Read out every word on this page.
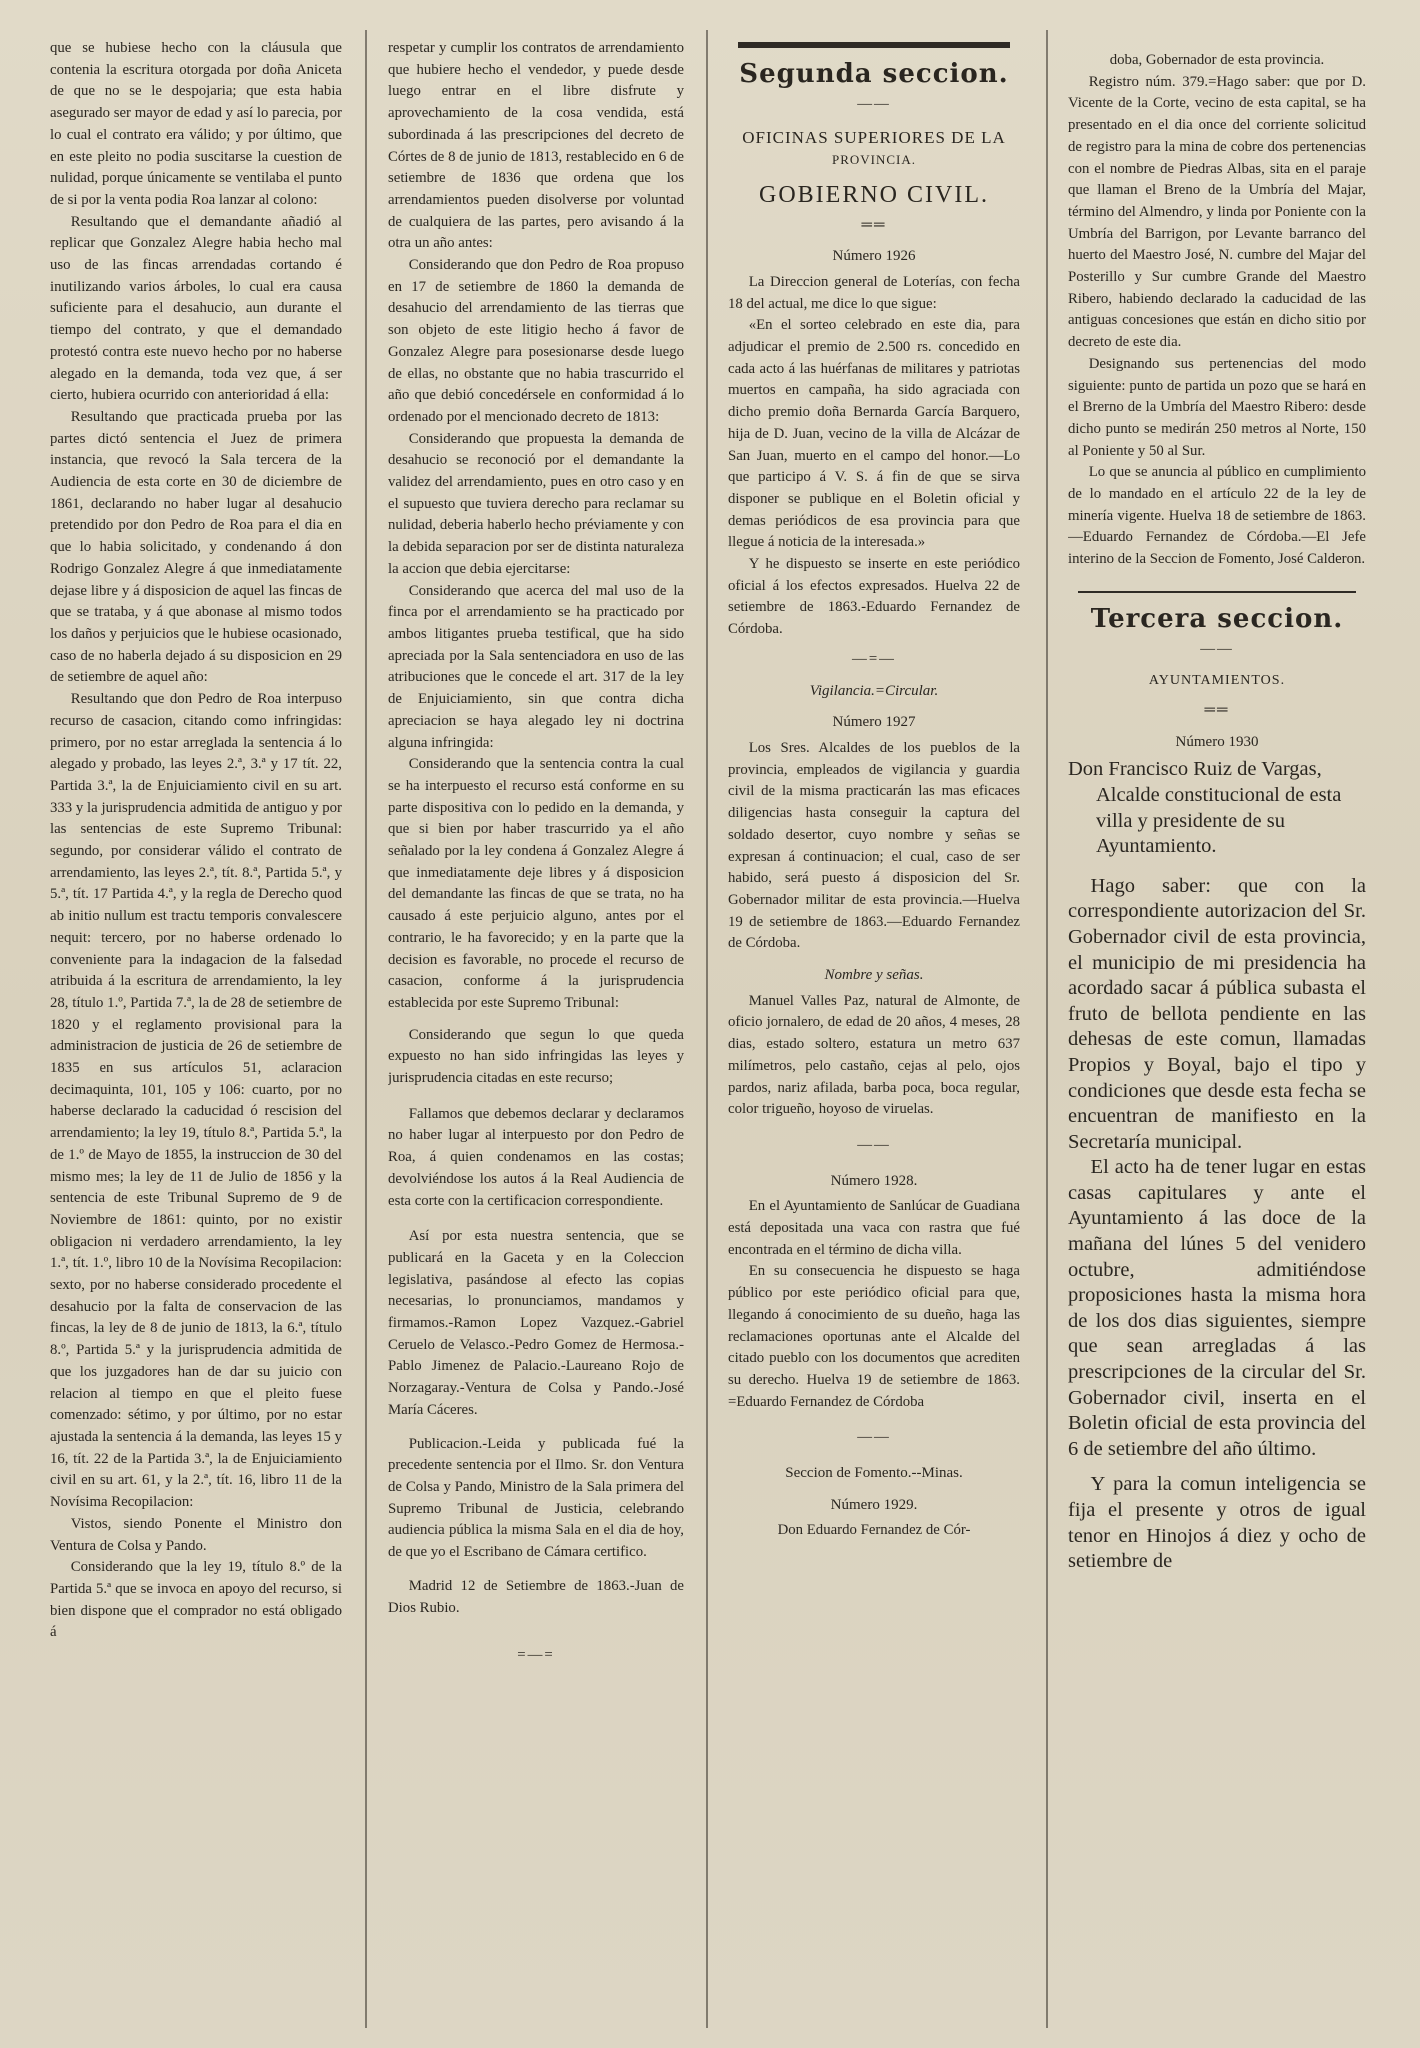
que se hubiese hecho con la cláusula que contenia la escritura otorgada por doña Aniceta de que no se le despojaria; que esta habia asegurado ser mayor de edad y así lo parecia, por lo cual el contrato era válido; y por último, que en este pleito no podia suscitarse la cuestion de nulidad, porque únicamente se ventilaba el punto de si por la venta podia Roa lanzar al colono:

Resultando que el demandante añadió al replicar que Gonzalez Alegre habia hecho mal uso de las fincas arrendadas cortando é inutilizando varios árboles, lo cual era causa suficiente para el desahucio, aun durante el tiempo del contrato, y que el demandado protestó contra este nuevo hecho por no haberse alegado en la demanda, toda vez que, á ser cierto, hubiera ocurrido con anterioridad á ella:

Resultando que practicada prueba por las partes dictó sentencia el Juez de primera instancia, que revocó la Sala tercera de la Audiencia de esta corte en 30 de diciembre de 1861, declarando no haber lugar al desahucio pretendido por don Pedro de Roa para el dia en que lo habia solicitado, y condenando á don Rodrigo Gonzalez Alegre á que inmediatamente dejase libre y á disposicion de aquel las fincas de que se trataba, y á que abonase al mismo todos los daños y perjuicios que le hubiese ocasionado, caso de no haberla dejado á su disposicion en 29 de setiembre de aquel año:

Resultando que don Pedro de Roa interpuso recurso de casacion, citando como infringidas: primero, por no estar arreglada la sentencia á lo alegado y probado, las leyes 2.ª, 3.ª y 17 tít. 22, Partida 3.ª, la de Enjuiciamiento civil en su art. 333 y la jurisprudencia admitida de antiguo y por las sentencias de este Supremo Tribunal: segundo, por considerar válido el contrato de arrendamiento, las leyes 2.ª, tít. 8.ª, Partida 5.ª, y 5.ª, tít. 17 Partida 4.ª, y la regla de Derecho quod ab initio nullum est tractu temporis convalescere nequit: tercero, por no haberse ordenado lo conveniente para la indagacion de la falsedad atribuida á la escritura de arrendamiento, la ley 28, título 1.º, Partida 7.ª, la de 28 de setiembre de 1820 y el reglamento provisional para la administracion de justicia de 26 de setiembre de 1835 en sus artículos 51, aclaracion decimaquinta, 101, 105 y 106: cuarto, por no haberse declarado la caducidad ó rescision del arrendamiento; la ley 19, título 8.ª, Partida 5.ª, la de 1.º de Mayo de 1855, la instruccion de 30 del mismo mes; la ley de 11 de Julio de 1856 y la sentencia de este Tribunal Supremo de 9 de Noviembre de 1861: quinto, por no existir obligacion ni verdadero arrendamiento, la ley 1.ª, tít. 1.º, libro 10 de la Novísima Recopilacion: sexto, por no haberse considerado procedente el desahucio por la falta de conservacion de las fincas, la ley de 8 de junio de 1813, la 6.ª, título 8.º, Partida 5.ª y la jurisprudencia admitida de que los juzgadores han de dar su juicio con relacion al tiempo en que el pleito fuese comenzado: sétimo, y por último, por no estar ajustada la sentencia á la demanda, las leyes 15 y 16, tít. 22 de la Partida 3.ª, la de Enjuiciamiento civil en su art. 61, y la 2.ª, tít. 16, libro 11 de la Novísima Recopilacion:

Vistos, siendo Ponente el Ministro don Ventura de Colsa y Pando.

Considerando que la ley 19, título 8.º de la Partida 5.ª que se invoca en apoyo del recurso, si bien dispone que el comprador no está obligado á

respetar y cumplir los contratos de arrendamiento que hubiere hecho el vendedor, y puede desde luego entrar en el libre disfrute y aprovechamiento de la cosa vendida, está subordinada á las prescripciones del decreto de Córtes de 8 de junio de 1813, restablecido en 6 de setiembre de 1836 que ordena que los arrendamientos pueden disolverse por voluntad de cualquiera de las partes, pero avisando á la otra un año antes:

Considerando que don Pedro de Roa propuso en 17 de setiembre de 1860 la demanda de desahucio del arrendamiento de las tierras que son objeto de este litigio hecho á favor de Gonzalez Alegre para posesionarse desde luego de ellas, no obstante que no habia trascurrido el año que debió concedérsele en conformidad á lo ordenado por el mencionado decreto de 1813:

Considerando que propuesta la demanda de desahucio se reconoció por el demandante la validez del arrendamiento, pues en otro caso y en el supuesto que tuviera derecho para reclamar su nulidad, deberia haberlo hecho préviamente y con la debida separacion por ser de distinta naturaleza la accion que debia ejercitarse:

Considerando que acerca del mal uso de la finca por el arrendamiento se ha practicado por ambos litigantes prueba testifical, que ha sido apreciada por la Sala sentenciadora en uso de las atribuciones que le concede el art. 317 de la ley de Enjuiciamiento, sin que contra dicha apreciacion se haya alegado ley ni doctrina alguna infringida:

Considerando que la sentencia contra la cual se ha interpuesto el recurso está conforme en su parte dispositiva con lo pedido en la demanda, y que si bien por haber trascurrido ya el año señalado por la ley condena á Gonzalez Alegre á que inmediatamente deje libres y á disposicion del demandante las fincas de que se trata, no ha causado á este perjuicio alguno, antes por el contrario, le ha favorecido; y en la parte que la decision es favorable, no procede el recurso de casacion, conforme á la jurisprudencia establecida por este Supremo Tribunal:

Considerando que segun lo que queda expuesto no han sido infringidas las leyes y jurisprudencia citadas en este recurso;

Fallamos que debemos declarar y declaramos no haber lugar al interpuesto por don Pedro de Roa, á quien condenamos en las costas; devolviéndose los autos á la Real Audiencia de esta corte con la certificacion correspondiente.

Así por esta nuestra sentencia, que se publicará en la Gaceta y en la Coleccion legislativa, pasándose al efecto las copias necesarias, lo pronunciamos, mandamos y firmamos.-Ramon Lopez Vazquez.-Gabriel Ceruelo de Velasco.-Pedro Gomez de Hermosa.-Pablo Jimenez de Palacio.-Laureano Rojo de Norzagaray.-Ventura de Colsa y Pando.-José María Cáceres.

Publicacion.-Leida y publicada fué la precedente sentencia por el Ilmo. Sr. don Ventura de Colsa y Pando, Ministro de la Sala primera del Supremo Tribunal de Justicia, celebrando audiencia pública la misma Sala en el dia de hoy, de que yo el Escribano de Cámara certifico.

Madrid 12 de Setiembre de 1863.-Juan de Dios Rubio.

=—=
Segunda seccion.
——
OFICINAS SUPERIORES DE LA
PROVINCIA.
GOBIERNO CIVIL.
══
Número 1926

La Direccion general de Loterías, con fecha 18 del actual, me dice lo que sigue:

«En el sorteo celebrado en este dia, para adjudicar el premio de 2.500 rs. concedido en cada acto á las huérfanas de militares y patriotas muertos en campaña, ha sido agraciada con dicho premio doña Bernarda García Barquero, hija de D. Juan, vecino de la villa de Alcázar de San Juan, muerto en el campo del honor.—Lo que participo á V. S. á fin de que se sirva disponer se publique en el Boletin oficial y demas periódicos de esa provincia para que llegue á noticia de la interesada.»

Y he dispuesto se inserte en este periódico oficial á los efectos expresados. Huelva 22 de setiembre de 1863.-Eduardo Fernandez de Córdoba.

—=—
Vigilancia.=Circular.
Número 1927

Los Sres. Alcaldes de los pueblos de la provincia, empleados de vigilancia y guardia civil de la misma practicarán las mas eficaces diligencias hasta conseguir la captura del soldado desertor, cuyo nombre y señas se expresan á continuacion; el cual, caso de ser habido, será puesto á disposicion del Sr. Gobernador militar de esta provincia.—Huelva 19 de setiembre de 1863.—Eduardo Fernandez de Córdoba.

Nombre y señas.

Manuel Valles Paz, natural de Almonte, de oficio jornalero, de edad de 20 años, 4 meses, 28 dias, estado soltero, estatura un metro 637 milímetros, pelo castaño, cejas al pelo, ojos pardos, nariz afilada, barba poca, boca regular, color trigueño, hoyoso de viruelas.

——
Número 1928.

En el Ayuntamiento de Sanlúcar de Guadiana está depositada una vaca con rastra que fué encontrada en el término de dicha villa.

En su consecuencia he dispuesto se haga público por este periódico oficial para que, llegando á conocimiento de su dueño, haga las reclamaciones oportunas ante el Alcalde del citado pueblo con los documentos que acrediten su derecho. Huelva 19 de setiembre de 1863. =Eduardo Fernandez de Córdoba

——
Seccion de Fomento.--Minas.
Número 1929.

Don Eduardo Fernandez de Cór-

doba, Gobernador de esta provincia.

Registro núm. 379.=Hago saber: que por D. Vicente de la Corte, vecino de esta capital, se ha presentado en el dia once del corriente solicitud de registro para la mina de cobre dos pertenencias con el nombre de Piedras Albas, sita en el paraje que llaman el Breno de la Umbría del Majar, término del Almendro, y linda por Poniente con la Umbría del Barrigon, por Levante barranco del huerto del Maestro José, N. cumbre del Majar del Posterillo y Sur cumbre Grande del Maestro Ribero, habiendo declarado la caducidad de las antiguas concesiones que están en dicho sitio por decreto de este dia.

Designando sus pertenencias del modo siguiente: punto de partida un pozo que se hará en el Brerno de la Umbría del Maestro Ribero: desde dicho punto se medirán 250 metros al Norte, 150 al Poniente y 50 al Sur.

Lo que se anuncia al público en cumplimiento de lo mandado en el artículo 22 de la ley de minería vigente. Huelva 18 de setiembre de 1863.—Eduardo Fernandez de Córdoba.—El Jefe interino de la Seccion de Fomento, José Calderon.

Tercera seccion.
——
AYUNTAMIENTOS.
══
Número 1930

Don Francisco Ruiz de Vargas, Alcalde constitucional de esta villa y presidente de su Ayuntamiento.

Hago saber: que con la correspondiente autorizacion del Sr. Gobernador civil de esta provincia, el municipio de mi presidencia ha acordado sacar á pública subasta el fruto de bellota pendiente en las dehesas de este comun, llamadas Propios y Boyal, bajo el tipo y condiciones que desde esta fecha se encuentran de manifiesto en la Secretaría municipal.

El acto ha de tener lugar en estas casas capitulares y ante el Ayuntamiento á las doce de la mañana del lúnes 5 del venidero octubre, admitiéndose proposiciones hasta la misma hora de los dos dias siguientes, siempre que sean arregladas á las prescripciones de la circular del Sr. Gobernador civil, inserta en el Boletin oficial de esta provincia del 6 de setiembre del año último.

Y para la comun inteligencia se fija el presente y otros de igual tenor en Hinojos á diez y ocho de setiembre de
